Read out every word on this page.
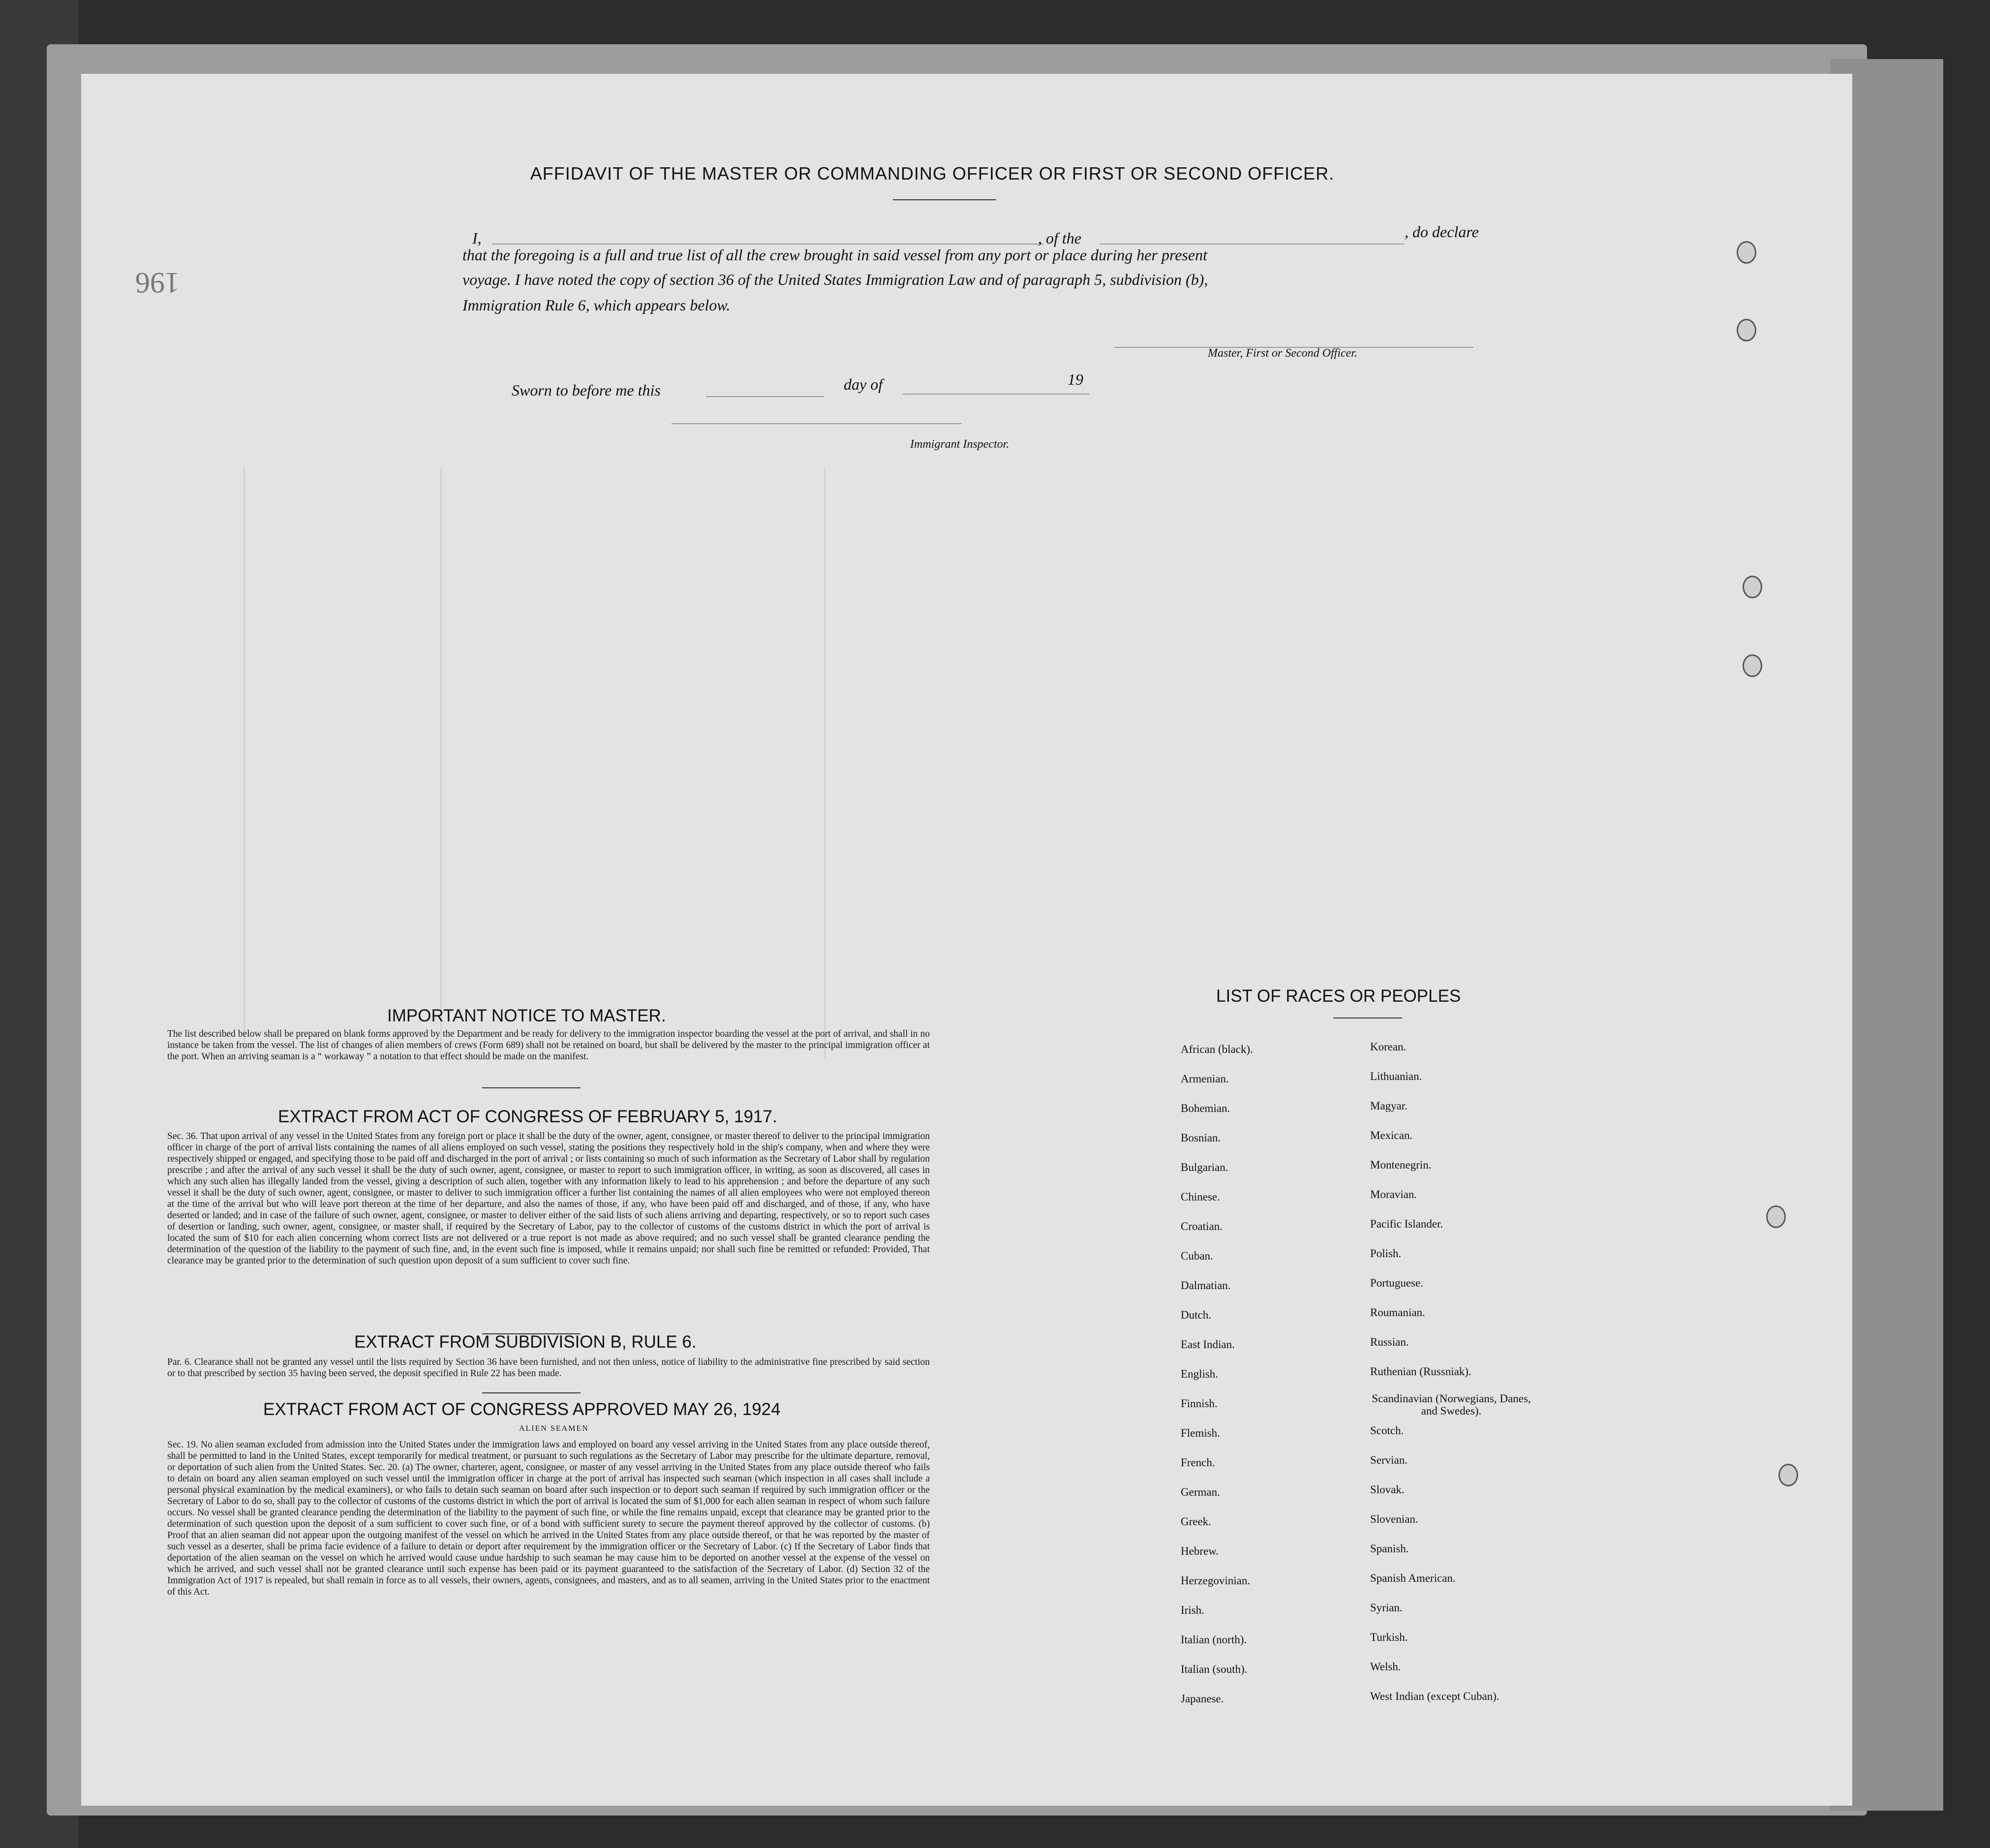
196
AFFIDAVIT OF THE MASTER OR COMMANDING OFFICER OR FIRST OR SECOND OFFICER.
I,	, of the	, do declare
that the foregoing is a full and true list of all the crew brought in said vessel from any port or place during her present
voyage. I have noted the copy of section 36 of the United States Immigration Law and of paragraph 5, subdivision (b),
Immigration Rule 6, which appears below.
Master, First or Second Officer.
Sworn to before me this	day of	19
Immigrant Inspector.
IMPORTANT NOTICE TO MASTER.
The list described below shall be prepared on blank forms approved by the Department and be ready for delivery to the immigration inspector boarding the vessel at the port of arrival, and shall in no instance be taken from the vessel. The list of changes of alien members of crews (Form 689) shall not be retained on board, but shall be delivered by the master to the principal immigration officer at the port. When an arriving seaman is a “ workaway ” a notation to that effect should be made on the manifest.
EXTRACT FROM ACT OF CONGRESS OF FEBRUARY 5, 1917.
Sec. 36. That upon arrival of any vessel in the United States from any foreign port or place it shall be the duty of the owner, agent, consignee, or master thereof to deliver to the principal immigration officer in charge of the port of arrival lists containing the names of all aliens employed on such vessel, stating the positions they respectively hold in the ship's company, when and where they were respectively shipped or engaged, and specifying those to be paid off and discharged in the port of arrival ; or lists containing so much of such information as the Secretary of Labor shall by regulation prescribe ; and after the arrival of any such vessel it shall be the duty of such owner, agent, consignee, or master to report to such immigration officer, in writing, as soon as discovered, all cases in which any such alien has illegally landed from the vessel, giving a description of such alien, together with any information likely to lead to his apprehension ; and before the departure of any such vessel it shall be the duty of such owner, agent, consignee, or master to deliver to such immigration officer a further list containing the names of all alien employees who were not employed thereon at the time of the arrival but who will leave port thereon at the time of her departure, and also the names of those, if any, who have been paid off and discharged, and of those, if any, who have deserted or landed; and in case of the failure of such owner, agent, consignee, or master to deliver either of the said lists of such aliens arriving and departing, respectively, or so to report such cases of desertion or landing, such owner, agent, consignee, or master shall, if required by the Secretary of Labor, pay to the collector of customs of the customs district in which the port of arrival is located the sum of $10 for each alien concerning whom correct lists are not delivered or a true report is not made as above required; and no such vessel shall be granted clearance pending the determination of the question of the liability to the payment of such fine, and, in the event such fine is imposed, while it remains unpaid; nor shall such fine be remitted or refunded: Provided, That clearance may be granted prior to the determination of such question upon deposit of a sum sufficient to cover such fine.
EXTRACT FROM SUBDIVISION B, RULE 6.
Par. 6. Clearance shall not be granted any vessel until the lists required by Section 36 have been furnished, and not then unless, notice of liability to the administrative fine prescribed by said section or to that prescribed by section 35 having been served, the deposit specified in Rule 22 has been made.
EXTRACT FROM ACT OF CONGRESS APPROVED MAY 26, 1924
ALIEN SEAMEN
Sec. 19. No alien seaman excluded from admission into the United States under the immigration laws and employed on board any vessel arriving in the United States from any place outside thereof, shall be permitted to land in the United States, except temporarily for medical treatment, or pursuant to such regulations as the Secretary of Labor may prescribe for the ultimate departure, removal, or deportation of such alien from the United States. Sec. 20. (a) The owner, charterer, agent, consignee, or master of any vessel arriving in the United States from any place outside thereof who fails to detain on board any alien seaman employed on such vessel until the immigration officer in charge at the port of arrival has inspected such seaman (which inspection in all cases shall include a personal physical examination by the medical examiners), or who fails to detain such seaman on board after such inspection or to deport such seaman if required by such immigration officer or the Secretary of Labor to do so, shall pay to the collector of customs of the customs district in which the port of arrival is located the sum of $1,000 for each alien seaman in respect of whom such failure occurs. No vessel shall be granted clearance pending the determination of the liability to the payment of such fine, or while the fine remains unpaid, except that clearance may be granted prior to the determination of such question upon the deposit of a sum sufficient to cover such fine, or of a bond with sufficient surety to secure the payment thereof approved by the collector of customs. (b) Proof that an alien seaman did not appear upon the outgoing manifest of the vessel on which he arrived in the United States from any place outside thereof, or that he was reported by the master of such vessel as a deserter, shall be prima facie evidence of a failure to detain or deport after requirement by the immigration officer or the Secretary of Labor. (c) If the Secretary of Labor finds that deportation of the alien seaman on the vessel on which he arrived would cause undue hardship to such seaman he may cause him to be deported on another vessel at the expense of the vessel on which he arrived, and such vessel shall not be granted clearance until such expense has been paid or its payment guaranteed to the satisfaction of the Secretary of Labor. (d) Section 32 of the Immigration Act of 1917 is repealed, but shall remain in force as to all vessels, their owners, agents, consignees, and masters, and as to all seamen, arriving in the United States prior to the enactment of this Act.
LIST OF RACES OR PEOPLES
African (black).
Armenian.
Bohemian.
Bosnian.
Bulgarian.
Chinese.
Croatian.
Cuban.
Dalmatian.
Dutch.
East Indian.
English.
Finnish.
Flemish.
French.
German.
Greek.
Hebrew.
Herzegovinian.
Irish.
Italian (north).
Italian (south).
Japanese.
Korean.
Lithuanian.
Magyar.
Mexican.
Montenegrin.
Moravian.
Pacific Islander.
Polish.
Portuguese.
Roumanian.
Russian.
Ruthenian (Russniak).
Scandinavian (Norwegians, Danes, and Swedes).
Scotch.
Servian.
Slovak.
Slovenian.
Spanish.
Spanish American.
Syrian.
Turkish.
Welsh.
West Indian (except Cuban).
